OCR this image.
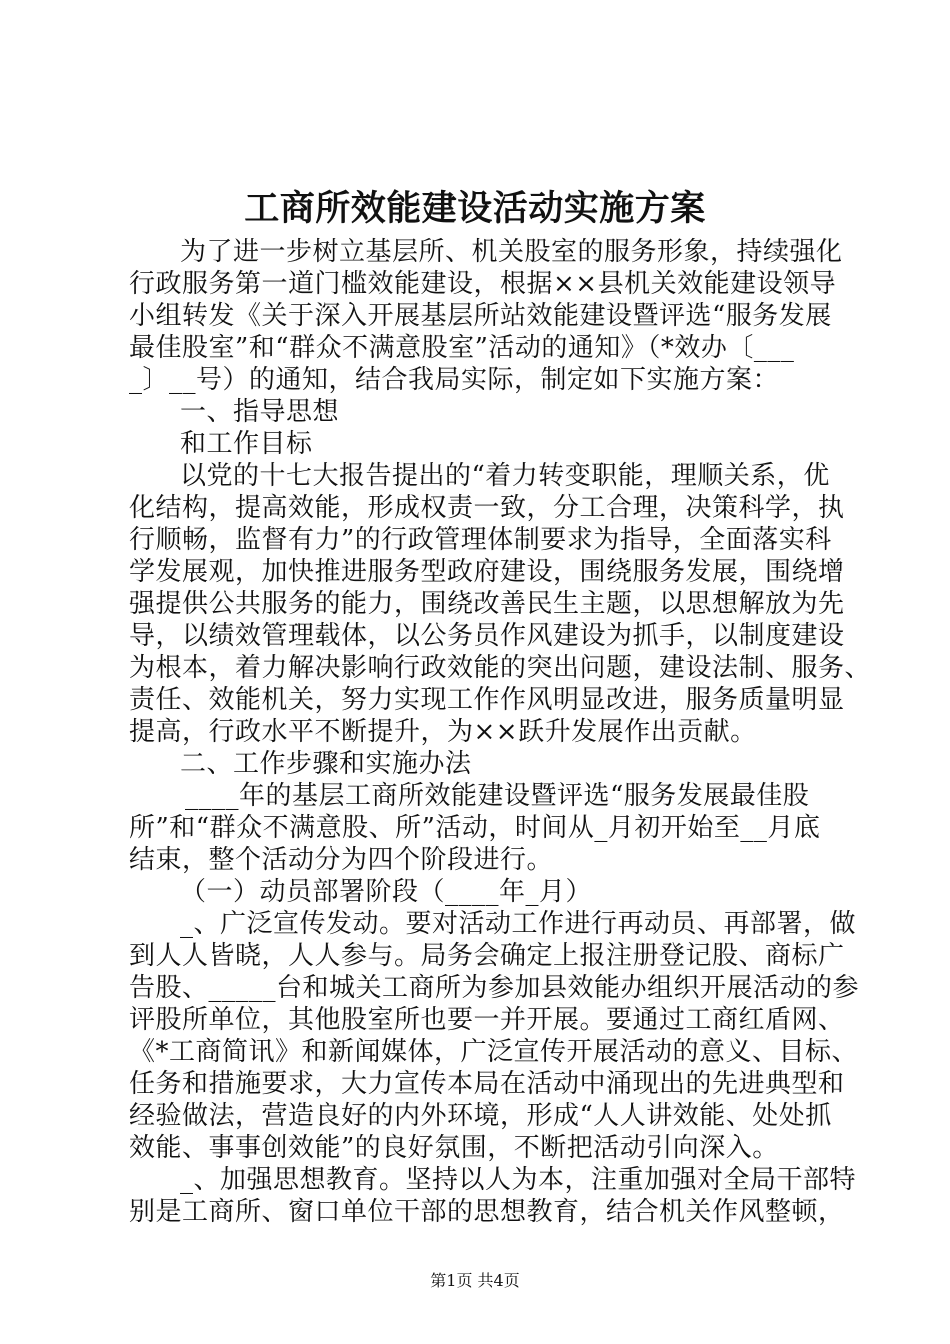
工商所效能建设活动实施方案
为了进一步树立基层所、机关股室的服务形象，持续强化
行政服务第一道门槛效能建设，根据××县机关效能建设领导
小组转发《关于深入开展基层所站效能建设暨评选“服务发展
最佳股室”和“群众不满意股室”活动的通知》（*效办〔___
_〕__号）的通知，结合我局实际，制定如下实施方案：
一、指导思想
和工作目标
以党的十七大报告提出的“着力转变职能，理顺关系，优
化结构，提高效能，形成权责一致，分工合理，决策科学，执
行顺畅，监督有力”的行政管理体制要求为指导，全面落实科
学发展观，加快推进服务型政府建设，围绕服务发展，围绕增
强提供公共服务的能力，围绕改善民生主题，以思想解放为先
导，以绩效管理载体，以公务员作风建设为抓手，以制度建设
为根本，着力解决影响行政效能的突出问题，建设法制、服务、
责任、效能机关，努力实现工作作风明显改进，服务质量明显
提高，行政水平不断提升，为××跃升发展作出贡献。
二、工作步骤和实施办法
____年的基层工商所效能建设暨评选“服务发展最佳股
所”和“群众不满意股、所”活动，时间从_月初开始至__月底
结束，整个活动分为四个阶段进行。
（一）动员部署阶段（____年_月）
_、广泛宣传发动。要对活动工作进行再动员、再部署，做
到人人皆晓，人人参与。局务会确定上报注册登记股、商标广
告股、_____台和城关工商所为参加县效能办组织开展活动的参
评股所单位，其他股室所也要一并开展。要通过工商红盾网、
《*工商简讯》和新闻媒体，广泛宣传开展活动的意义、目标、
任务和措施要求，大力宣传本局在活动中涌现出的先进典型和
经验做法，营造良好的内外环境，形成“人人讲效能、处处抓
效能、事事创效能”的良好氛围，不断把活动引向深入。
_、加强思想教育。坚持以人为本，注重加强对全局干部特
别是工商所、窗口单位干部的思想教育，结合机关作风整顿，
第1页 共4页
